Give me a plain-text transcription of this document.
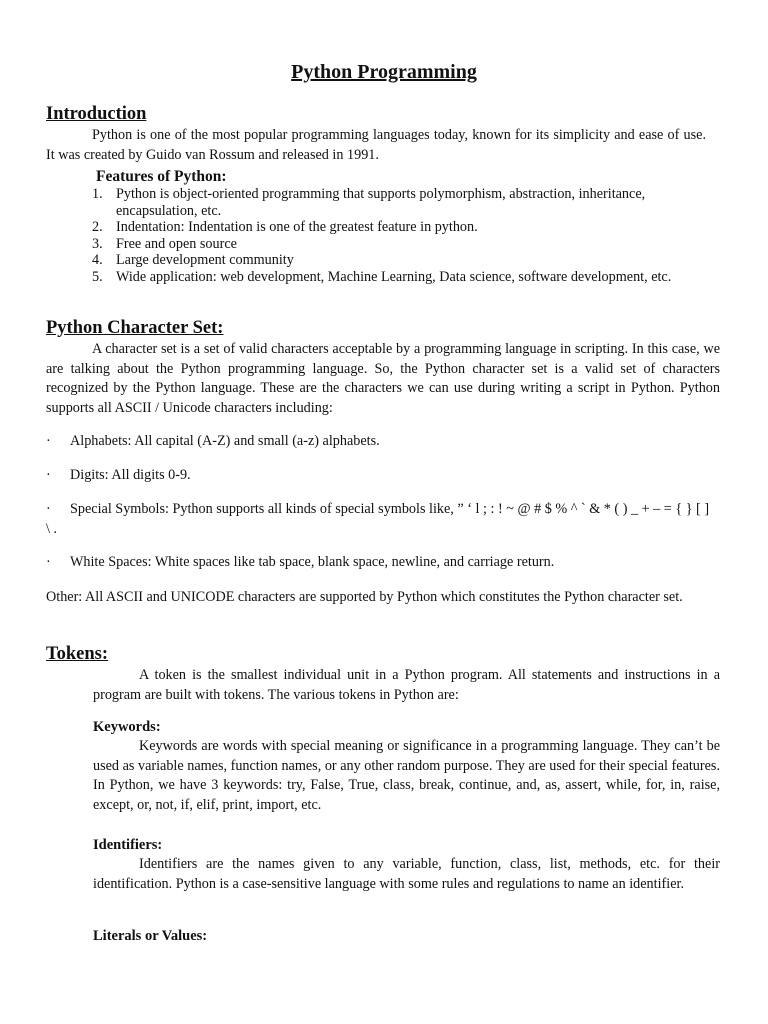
Python Programming
Introduction

Python is one of the most popular programming languages today, known for its simplicity and ease of use. It was created by Guido van Rossum and released in 1991.

Features of Python:
1. Python is object-oriented programming that supports polymorphism, abstraction, inheritance, encapsulation, etc.
2. Indentation: Indentation is one of the greatest feature in python.
3. Free and open source
4. Large development community
5. Wide application: web development, Machine Learning, Data science, software development, etc.
Python Character Set:

A character set is a set of valid characters acceptable by a programming language in scripting. In this case, we are talking about the Python programming language. So, the Python character set is a valid set of characters recognized by the Python language. These are the characters we can use during writing a script in Python. Python supports all ASCII / Unicode characters including:

· Alphabets: All capital (A-Z) and small (a-z) alphabets.
· Digits: All digits 0-9.
·	Special Symbols: Python supports all kinds of special symbols like, ” ‘ l ; : ! ~ @ # $ % ^ ` & * ( ) _ + – = { } [ ] \ .
· White Spaces: White spaces like tab space, blank space, newline, and carriage return.

Other: All ASCII and UNICODE characters are supported by Python which constitutes the Python character set.

Tokens:

A token is the smallest individual unit in a Python program. All statements and instructions in a program are built with tokens. The various tokens in Python are:

Keywords:

Keywords are words with special meaning or significance in a programming language. They can’t be used as variable names, function names, or any other random purpose. They are used for their special features. In Python, we have 3 keywords: try, False, True, class, break, continue, and, as, assert, while, for, in, raise, except, or, not, if, elif, print, import, etc.

Identifiers:

Identifiers are the names given to any variable, function, class, list, methods, etc. for their identification. Python is a case-sensitive language with some rules and regulations to name an identifier.

Literals or Values:
